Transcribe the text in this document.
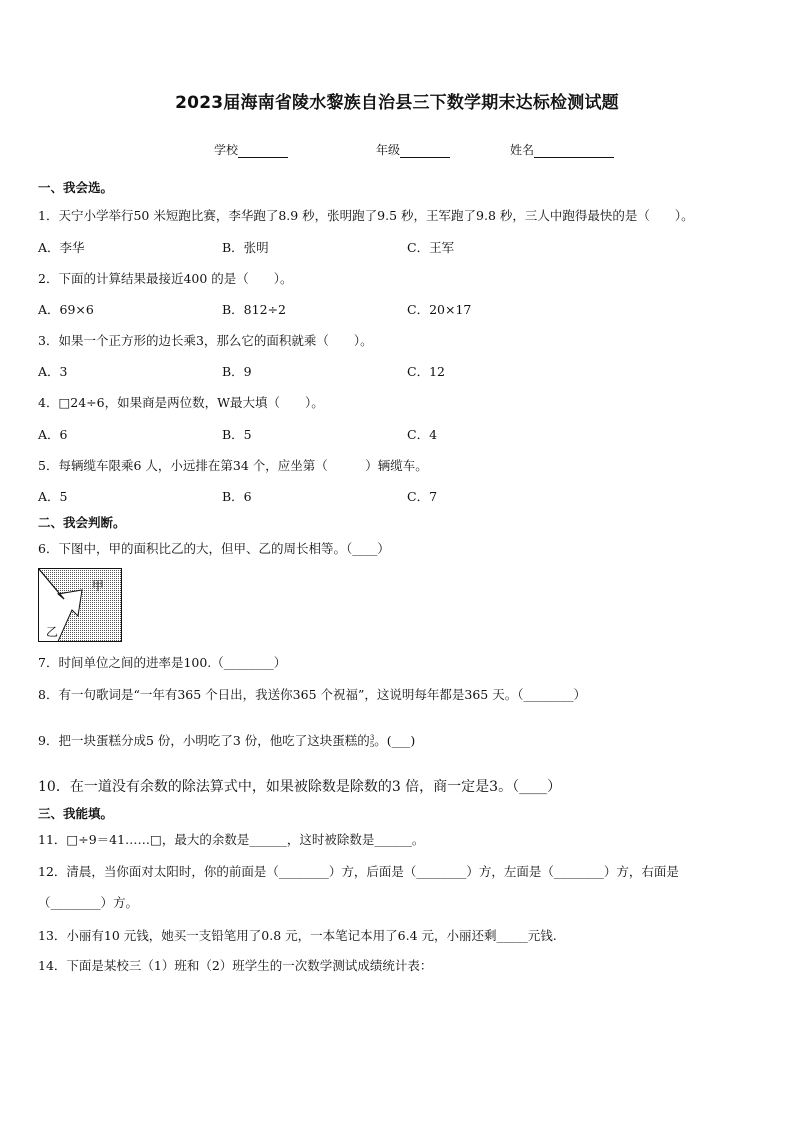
2023届海南省陵水黎族自治县三下数学期末达标检测试题
学校	年级	姓名
一、我会选。
1．天宁小学举行50 米短跑比赛，李华跑了8.9 秒，张明跑了9.5 秒，王军跑了9.8 秒，三人中跑得最快的是（　　）。
A．李华	B．张明	C．王军
2．下面的计算结果最接近400 的是（　　）。
A．69×6	B．812÷2	C．20×17
3．如果一个正方形的边长乘3，那么它的面积就乘（　　）。
A．3	B．9	C．12
4．□24÷6，如果商是两位数，W最大填（　　）。
A．6	B．5	C．4
5．每辆缆车限乘6 人，小远排在第34 个，应坐第（　　　）辆缆车。
A．5	B．6	C．7
二、我会判断。
6．下图中，甲的面积比乙的大，但甲、乙的周长相等。（____）
甲
乙
7．时间单位之间的进率是100.（________）
8．有一句歌词是“一年有365 个日出，我送你365 个祝福”，这说明每年都是365 天。（________）
9．把一块蛋糕分成5 份，小明吃了3 份，他吃了这块蛋糕的3
5。(___)
10．在一道没有余数的除法算式中，如果被除数是除数的3 倍，商一定是3。（____）
三、我能填。
11．□÷9＝41……□，最大的余数是______，这时被除数是______。
12．清晨，当你面对太阳时，你的前面是（________）方，后面是（________）方，左面是（________）方，右面是
（________）方。
13．小丽有10 元钱，她买一支铅笔用了0.8 元，一本笔记本用了6.4 元，小丽还剩_____元钱.
14．下面是某校三（1）班和（2）班学生的一次数学测试成绩统计表：
